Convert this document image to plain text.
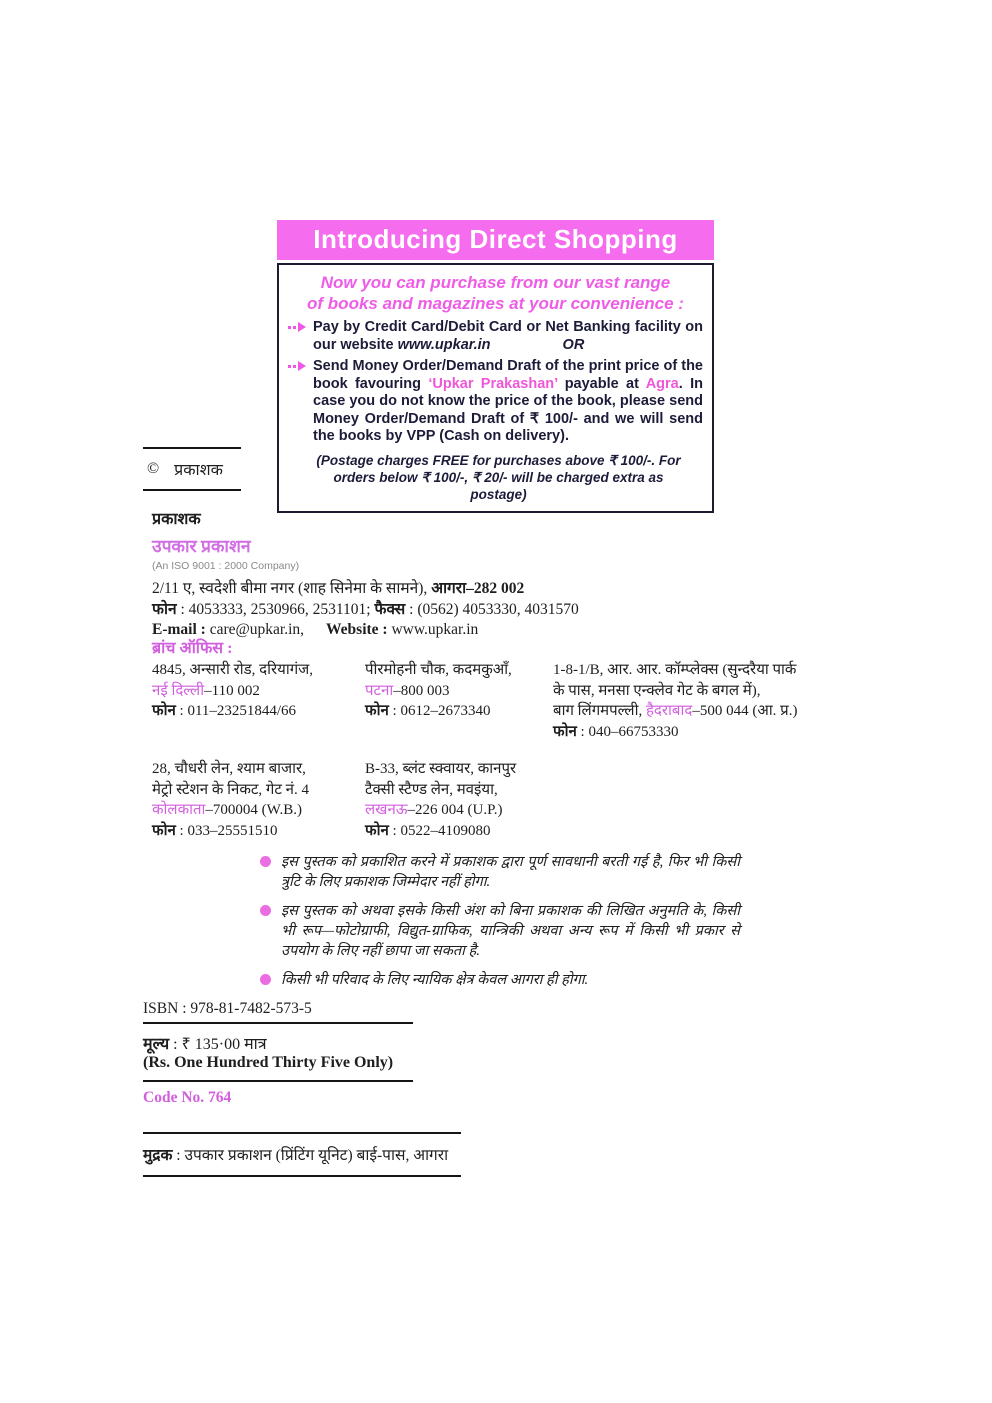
Introducing Direct Shopping
Now you can purchase from our vast range
of books and magazines at your convenience :
Pay by Credit Card/Debit Card or Net Banking facility on our website www.upkar.in	OR
Send Money Order/Demand Draft of the print price of the book favouring ‘Upkar Prakashan’ payable at Agra. In case you do not know the price of the book, please send Money Order/Demand Draft of ₹ 100/- and we will send the books by VPP (Cash on delivery).
(Postage charges FREE for purchases above ₹ 100/-. For orders below ₹ 100/-, ₹ 20/- will be charged extra as postage)
© प्रकाशक
प्रकाशक
उपकार प्रकाशन
(An ISO 9001 : 2000 Company)
2/11 ए, स्वदेशी बीमा नगर (शाह सिनेमा के सामने), आगरा–282 002
फोन : 4053333, 2530966, 2531101; फैक्स : (0562) 4053330, 4031570
E-mail : care@upkar.in, Website : www.upkar.in
ब्रांच ऑफिस :
4845, अन्सारी रोड, दरियागंज,
नई दिल्ली–110 002
फोन : 011–23251844/66
पीरमोहनी चौक, कदमकुआँ,
पटना–800 003
फोन : 0612–2673340
1-8-1/B, आर. आर. कॉम्प्लेक्स (सुन्दरैया पार्क
के पास, मनसा एन्क्लेव गेट के बगल में),
बाग लिंगमपल्ली, हैदराबाद–500 044 (आ. प्र.)
फोन : 040–66753330
28, चौधरी लेन, श्याम बाजार,
मेट्रो स्टेशन के निकट, गेट नं. 4
कोलकाता–700004 (W.B.)
फोन : 033–25551510
B-33, ब्लंट स्क्वायर, कानपुर
टैक्सी स्टैण्ड लेन, मवइंया,
लखनऊ–226 004 (U.P.)
फोन : 0522–4109080
इस पुस्तक को प्रकाशित करने में प्रकाशक द्वारा पूर्ण सावधानी बरती गई है, फिर भी किसी त्रुटि के लिए प्रकाशक जिम्मेदार नहीं होगा.
इस पुस्तक को अथवा इसके किसी अंश को बिना प्रकाशक की लिखित अनुमति के, किसी भी रूप—फोटोग्राफी, विद्युत-ग्राफिक, यान्त्रिकी अथवा अन्य रूप में किसी भी प्रकार से उपयोग के लिए नहीं छापा जा सकता है.
किसी भी परिवाद के लिए न्यायिक क्षेत्र केवल आगरा ही होगा.
ISBN : 978-81-7482-573-5
मूल्य : ₹ 135·00 मात्र
(Rs. One Hundred Thirty Five Only)
Code No. 764
मुद्रक : उपकार प्रकाशन (प्रिंटिंग यूनिट) बाई-पास, आगरा
